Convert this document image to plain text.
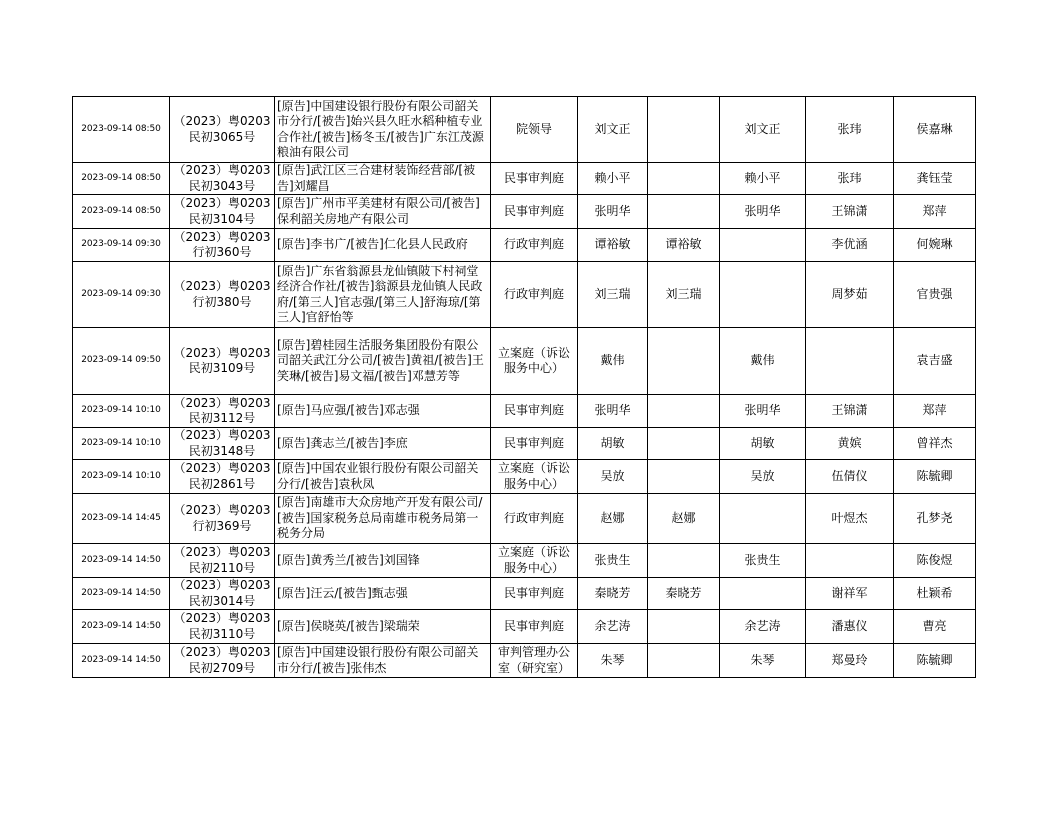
2023-09-14 08:50	（2023）粤0203民初3065号	[原告]中国建设银行股份有限公司韶关市分行/[被告]始兴县久旺水稻种植专业合作社/[被告]杨冬玉/[被告]广东江茂源粮油有限公司	院领导	刘文正		刘文正	张玮	侯嘉琳
2023-09-14 08:50	（2023）粤0203民初3043号	[原告]武江区三合建材装饰经营部/[被告]刘耀昌	民事审判庭	赖小平		赖小平	张玮	龚钰莹
2023-09-14 08:50	（2023）粤0203民初3104号	[原告]广州市平美建材有限公司/[被告]保利韶关房地产有限公司	民事审判庭	张明华		张明华	王锦潇	郑萍
2023-09-14 09:30	（2023）粤0203行初360号	[原告]李书广/[被告]仁化县人民政府	行政审判庭	谭裕敏	谭裕敏		李优涵	何婉琳
2023-09-14 09:30	（2023）粤0203行初380号	[原告]广东省翁源县龙仙镇陂下村祠堂经济合作社/[被告]翁源县龙仙镇人民政府/[第三人]官志强/[第三人]舒海琼/[第三人]官舒怡等	行政审判庭	刘三瑞	刘三瑞		周梦茹	官贵强
2023-09-14 09:50	（2023）粤0203民初3109号	[原告]碧桂园生活服务集团股份有限公司韶关武江分公司/[被告]黄祖/[被告]王笑琳/[被告]易文福/[被告]邓慧芳等	立案庭（诉讼服务中心）	戴伟		戴伟		袁吉盛
2023-09-14 10:10	（2023）粤0203民初3112号	[原告]马应强/[被告]邓志强	民事审判庭	张明华		张明华	王锦潇	郑萍
2023-09-14 10:10	（2023）粤0203民初3148号	[原告]龚志兰/[被告]李庶	民事审判庭	胡敏		胡敏	黄嫔	曾祥杰
2023-09-14 10:10	（2023）粤0203民初2861号	[原告]中国农业银行股份有限公司韶关分行/[被告]袁秋凤	立案庭（诉讼服务中心）	吴放		吴放	伍倩仪	陈毓卿
2023-09-14 14:45	（2023）粤0203行初369号	[原告]南雄市大众房地产开发有限公司/[被告]国家税务总局南雄市税务局第一税务分局	行政审判庭	赵娜	赵娜		叶煜杰	孔梦尧
2023-09-14 14:50	（2023）粤0203民初2110号	[原告]黄秀兰/[被告]刘国锋	立案庭（诉讼服务中心）	张贵生		张贵生		陈俊煜
2023-09-14 14:50	（2023）粤0203民初3014号	[原告]汪云/[被告]甄志强	民事审判庭	秦晓芳	秦晓芳		谢祥军	杜颖希
2023-09-14 14:50	（2023）粤0203民初3110号	[原告]侯晓英/[被告]梁瑞荣	民事审判庭	余艺涛		余艺涛	潘惠仪	曹亮
2023-09-14 14:50	（2023）粤0203民初2709号	[原告]中国建设银行股份有限公司韶关市分行/[被告]张伟杰	审判管理办公室（研究室）	朱琴		朱琴	郑曼玲	陈毓卿
